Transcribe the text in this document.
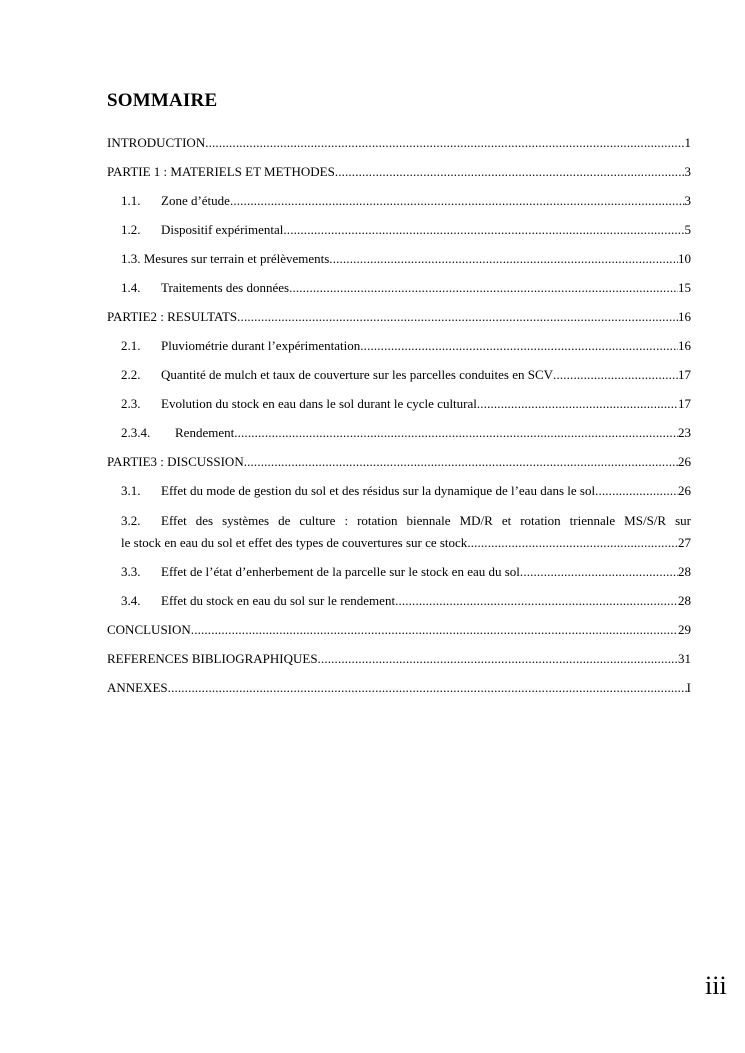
SOMMAIRE
INTRODUCTION .....	1
PARTIE 1 : MATERIELS ET METHODES .....	3
1.1.	Zone d’étude .....	3
1.2.	Dispositif expérimental .....	5
1.3. Mesures sur terrain et prélèvements .....	10
1.4.	Traitements des données .....	15
PARTIE2 : RESULTATS .....	16
2.1.	Pluviométrie durant l’expérimentation .....	16
2.2.	Quantité de mulch et taux de couverture sur les parcelles conduites en SCV .....	17
2.3.	Evolution du stock en eau dans le sol durant le cycle cultural .....	17
2.3.4.	Rendement .....	23
PARTIE3 : DISCUSSION .....	26
3.1.	Effet du mode de gestion du sol et des résidus sur la dynamique de l’eau dans le sol .....	26
3.2. Effet des systèmes de culture : rotation biennale MD/R et rotation triennale MS/S/R sur
le stock en eau du sol et effet des types de couvertures sur ce stock .....	27
3.3.	Effet de l’état d’enherbement de la parcelle sur le stock en eau du sol .....	28
3.4.	Effet du stock en eau du sol sur le rendement .....	28
CONCLUSION .....	29
REFERENCES BIBLIOGRAPHIQUES .....	31
ANNEXES .....	I
iii
